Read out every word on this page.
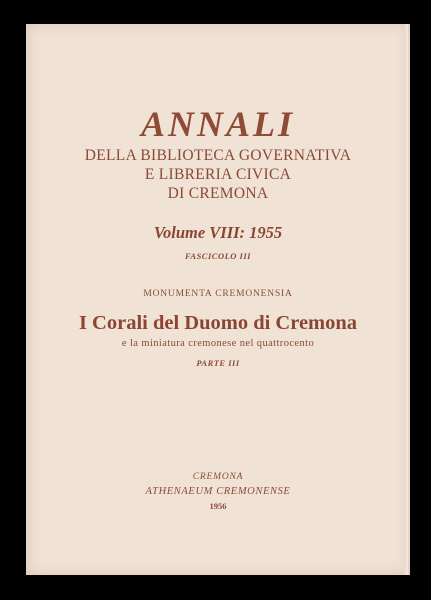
ANNALI
DELLA BIBLIOTECA GOVERNATIVA
E LIBRERIA CIVICA
DI CREMONA
Volume VIII: 1955
FASCICOLO III
MONUMENTA CREMONENSIA
I Corali del Duomo di Cremona
e la miniatura cremonese nel quattrocento
PARTE III
CREMONA
ATHENAEUM CREMONENSE
1956
